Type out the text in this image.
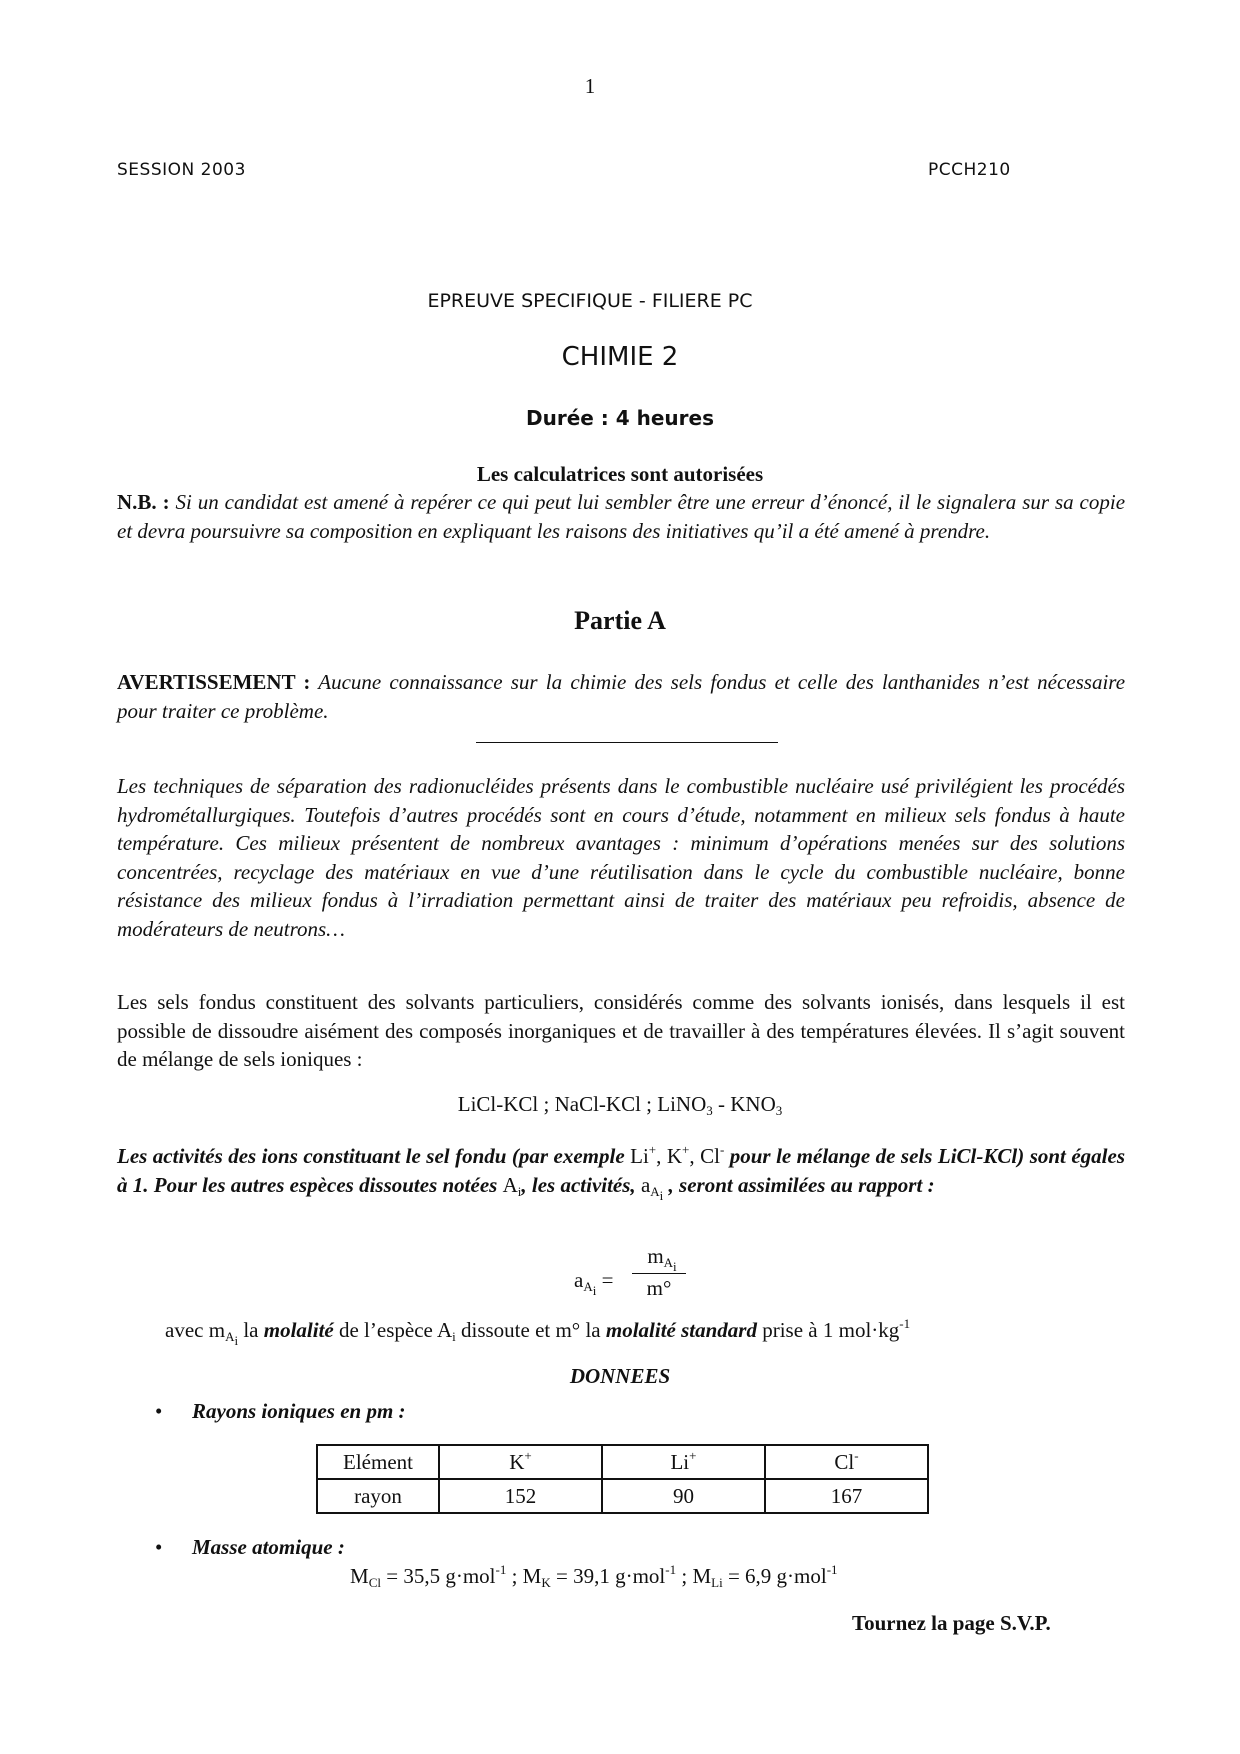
1
SESSION 2003	PCCH210
EPREUVE SPECIFIQUE - FILIERE PC
CHIMIE 2
Durée : 4 heures
Les calculatrices sont autorisées
N.B. : Si un candidat est amené à repérer ce qui peut lui sembler être une erreur d’énoncé, il le signalera sur sa copie et devra poursuivre sa composition en expliquant les raisons des initiatives qu’il a été amené à prendre.
Partie A
AVERTISSEMENT : Aucune connaissance sur la chimie des sels fondus et celle des lanthanides n’est nécessaire pour traiter ce problème.
Les techniques de séparation des radionucléides présents dans le combustible nucléaire usé privilégient les procédés hydrométallurgiques. Toutefois d’autres procédés sont en cours d’étude, notamment en milieux sels fondus à haute température. Ces milieux présentent de nombreux avantages : minimum d’opérations menées sur des solutions concentrées, recyclage des matériaux en vue d’une réutilisation dans le cycle du combustible nucléaire, bonne résistance des milieux fondus à l’irradiation permettant ainsi de traiter des matériaux peu refroidis, absence de modérateurs de neutrons…
Les sels fondus constituent des solvants particuliers, considérés comme des solvants ionisés, dans lesquels il est possible de dissoudre aisément des composés inorganiques et de travailler à des températures élevées. Il s’agit souvent de mélange de sels ioniques :
LiCl-KCl ; NaCl-KCl ; LiNO$_3$ - $KNO_3$
Les activités des ions constituant le sel fondu (par exemple Li+, K+, Cl- pour le mélange de sels LiCl-KCl) sont égales à 1. Pour les autres espèces dissoutes notées $A_i$, les activités, $a_{A_i}$ , seront assimilées au rapport :
$a_{A_i}$ =
$m_{A_i}$
m°
avec $m_{A_i}$ la molalité de l’espèce $A_i$ dissoute et m° la molalité standard prise à 1 $mol\cdot kg^{-1}$
DONNEES
• Rayons ioniques en pm :
Elément	K+	Li+	Cl-
rayon	152	90	167
• Masse atomique :
$M_{Cl} = 35,5$ g·mol$^{-1}$ ; $M_K = 39,1$ g·mol$^{-1}$ ; $M_{Li} = 6,9$ g·mol$^{-1}$
Tournez la page S.V.P.
